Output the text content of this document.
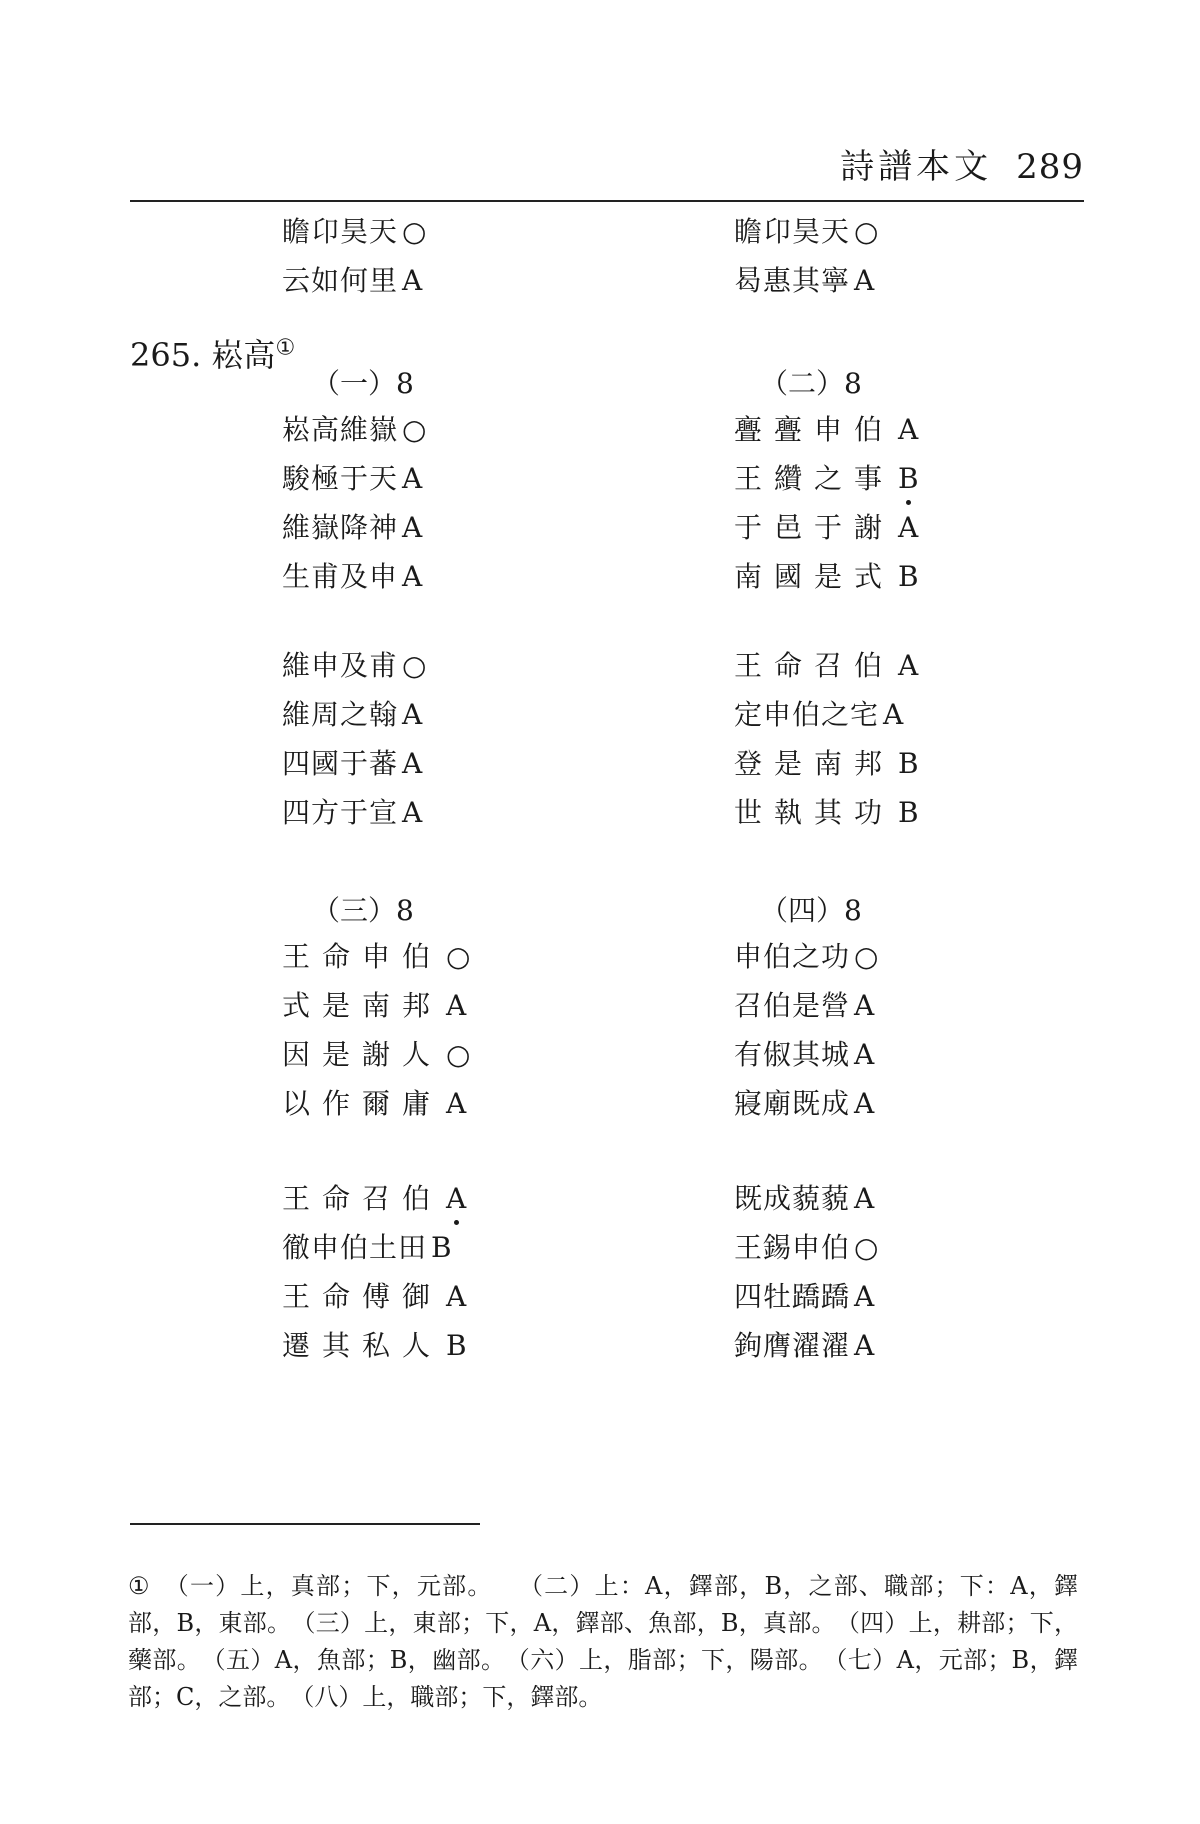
詩譜本文 289
265. 崧高①
瞻卬昊天 ○
云如何里 A
瞻卬昊天 ○
曷惠其寧 A
崧高維嶽 ○
駿極于天 A
維嶽降神 A
生甫及申 A
亹亹申伯 A
王纘之事 B
于邑于謝 A
南國是式 B
維申及甫 ○
維周之翰 A
四國于蕃 A
四方于宣 A
王命召伯 A
定申伯之宅 A
登是南邦 B
世執其功 B
王命申伯 ○
式是南邦 A
因是謝人 ○
以作爾庸 A
申伯之功 ○
召伯是營 A
有俶其城 A
寢廟既成 A
王命召伯 A
徹申伯土田 B
王命傅御 A
遷其私人 B
既成藐藐 A
王錫申伯 ○
四牡蹻蹻 A
鉤膺濯濯 A
（一）8	（二）8
（三）8	（四）8
① （一）上，真部；下，元部。　　（二）上：A，鐸部，B，之部、職部；下：A，鐸部，B，東部。　（三）上，東部；下，A，鐸部、魚部，B，真部。　（四）上，耕部；下，藥部。　（五）A，魚部；B，幽部。　（六）上，脂部；下，陽部。　（七）A，元部；B，鐸部；C，之部。　（八）上，職部；下，鐸部。
